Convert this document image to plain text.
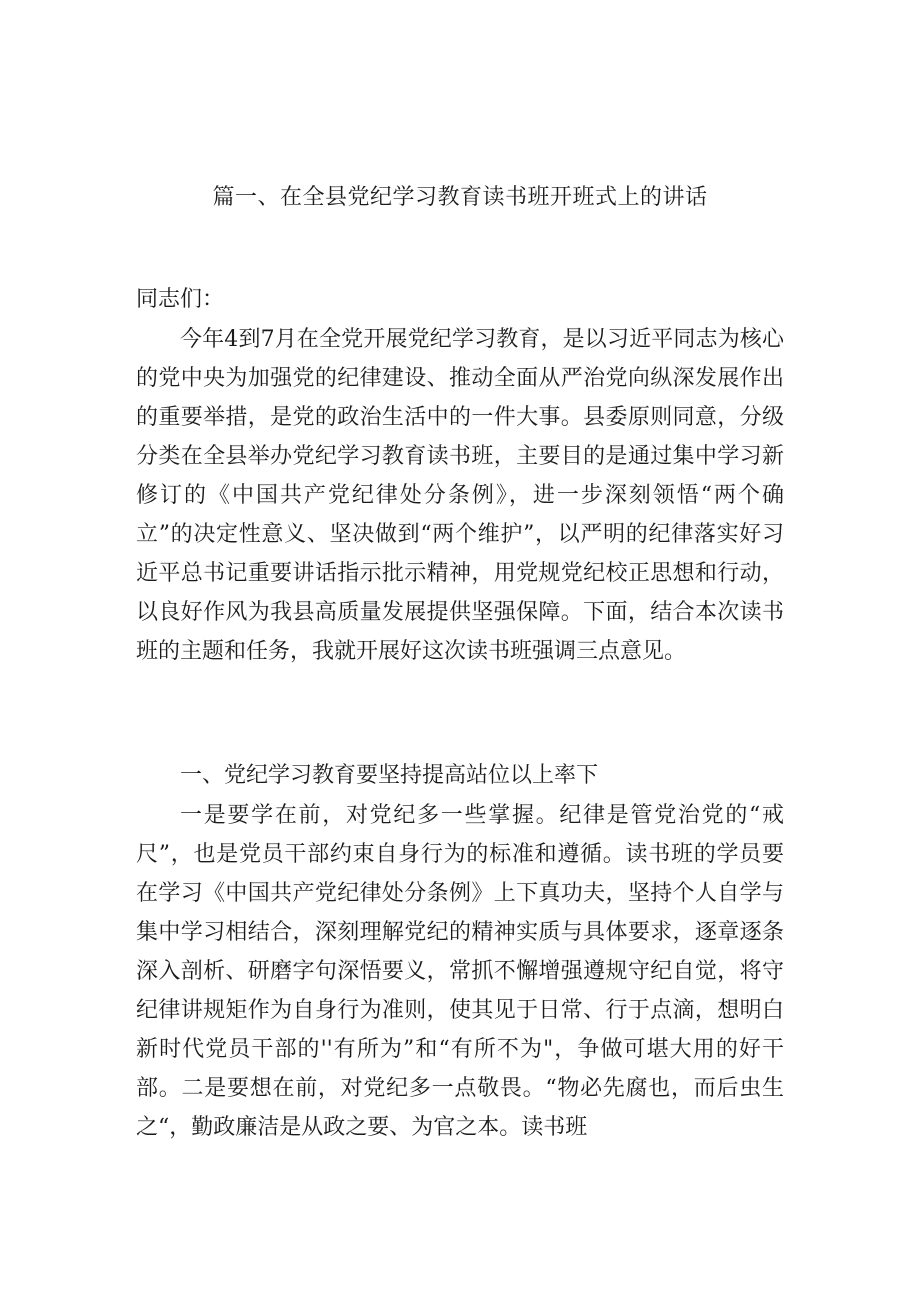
篇一、在全县党纪学习教育读书班开班式上的讲话

同志们：

今年4到7月在全党开展党纪学习教育，是以习近平同志为核心的党中央为加强党的纪律建设、推动全面从严治党向纵深发展作出的重要举措，是党的政治生活中的一件大事。县委原则同意，分级分类在全县举办党纪学习教育读书班，主要目的是通过集中学习新修订的《中国共产党纪律处分条例》，进一步深刻领悟“两个确立”的决定性意义、坚决做到“两个维护”，以严明的纪律落实好习近平总书记重要讲话指示批示精神，用党规党纪校正思想和行动，以良好作风为我县高质量发展提供坚强保障。下面，结合本次读书班的主题和任务，我就开展好这次读书班强调三点意见。

一、党纪学习教育要坚持提高站位以上率下

一是要学在前，对党纪多一些掌握。纪律是管党治党的“戒尺”，也是党员干部约束自身行为的标准和遵循。读书班的学员要在学习《中国共产党纪律处分条例》上下真功夫，坚持个人自学与集中学习相结合，深刻理解党纪的精神实质与具体要求，逐章逐条深入剖析、研磨字句深悟要义，常抓不懈增强遵规守纪自觉，将守纪律讲规矩作为自身行为准则，使其见于日常、行于点滴，想明白新时代党员干部的''有所为”和“有所不为"，争做可堪大用的好干部。二是要想在前，对党纪多一点敬畏。“物必先腐也，而后虫生之“，勤政廉洁是从政之要、为官之本。读书班
